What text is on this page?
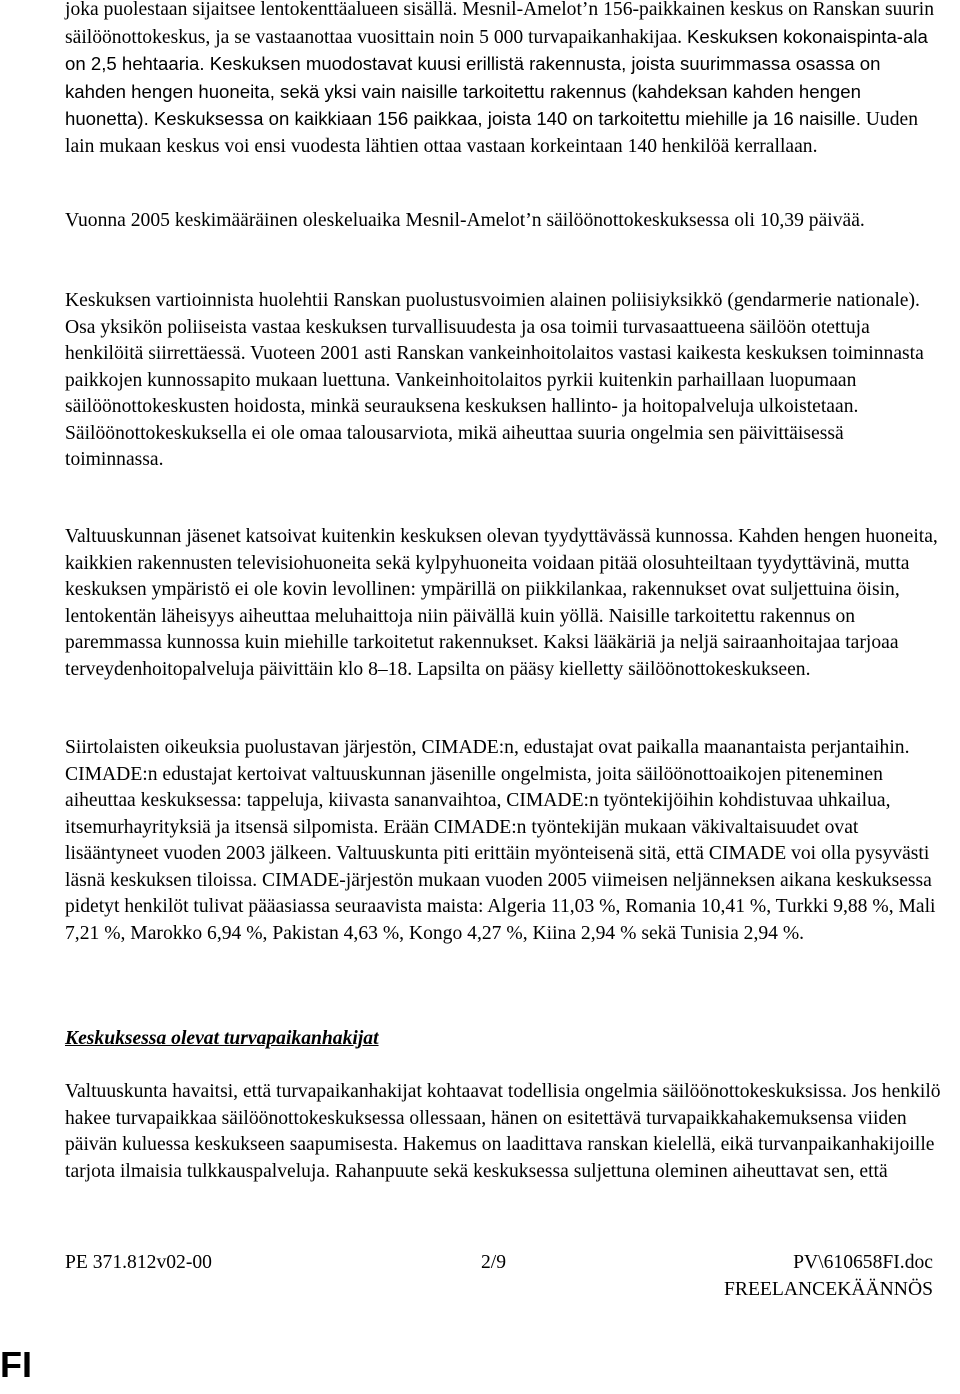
joka puolestaan sijaitsee lentokenttäalueen sisällä. Mesnil-Amelot’n 156-paikkainen keskus on Ranskan suurin säilöönottokeskus, ja se vastaanottaa vuosittain noin 5 000 turvapaikanhakijaa. Keskuksen kokonaispinta-ala on 2,5 hehtaaria. Keskuksen muodostavat kuusi erillistä rakennusta, joista suurimmassa osassa on kahden hengen huoneita, sekä yksi vain naisille tarkoitettu rakennus (kahdeksan kahden hengen huonetta). Keskuksessa on kaikkiaan 156 paikkaa, joista 140 on tarkoitettu miehille ja 16 naisille. Uuden lain mukaan keskus voi ensi vuodesta lähtien ottaa vastaan korkeintaan 140 henkilöä kerrallaan.

Vuonna 2005 keskimääräinen oleskeluaika Mesnil-Amelot’n säilöönottokeskuksessa oli 10,39 päivää.

Keskuksen vartioinnista huolehtii Ranskan puolustusvoimien alainen poliisiyksikkö (gendarmerie nationale). Osa yksikön poliiseista vastaa keskuksen turvallisuudesta ja osa toimii turvasaattueena säilöön otettuja henkilöitä siirrettäessä. Vuoteen 2001 asti Ranskan vankeinhoitolaitos vastasi kaikesta keskuksen toiminnasta paikkojen kunnossapito mukaan luettuna. Vankeinhoitolaitos pyrkii kuitenkin parhaillaan luopumaan säilöönottokeskusten hoidosta, minkä seurauksena keskuksen hallinto- ja hoitopalveluja ulkoistetaan. Säilöönottokeskuksella ei ole omaa talousarviota, mikä aiheuttaa suuria ongelmia sen päivittäisessä toiminnassa.

Valtuuskunnan jäsenet katsoivat kuitenkin keskuksen olevan tyydyttävässä kunnossa. Kahden hengen huoneita, kaikkien rakennusten televisiohuoneita sekä kylpyhuoneita voidaan pitää olosuhteiltaan tyydyttävinä, mutta keskuksen ympäristö ei ole kovin levollinen: ympärillä on piikkilankaa, rakennukset ovat suljettuina öisin, lentokentän läheisyys aiheuttaa meluhaittoja niin päivällä kuin yöllä. Naisille tarkoitettu rakennus on paremmassa kunnossa kuin miehille tarkoitetut rakennukset. Kaksi lääkäriä ja neljä sairaanhoitajaa tarjoaa terveydenhoitopalveluja päivittäin klo 8–18. Lapsilta on pääsy kielletty säilöönottokeskukseen.

Siirtolaisten oikeuksia puolustavan järjestön, CIMADE:n, edustajat ovat paikalla maanantaista perjantaihin. CIMADE:n edustajat kertoivat valtuuskunnan jäsenille ongelmista, joita säilöönottoaikojen piteneminen aiheuttaa keskuksessa: tappeluja, kiivasta sananvaihtoa, CIMADE:n työntekijöihin kohdistuvaa uhkailua, itsemurhayrityksiä ja itsensä silpomista. Erään CIMADE:n työntekijän mukaan väkivaltaisuudet ovat lisääntyneet vuoden 2003 jälkeen. Valtuuskunta piti erittäin myönteisenä sitä, että CIMADE voi olla pysyvästi läsnä keskuksen tiloissa. CIMADE-järjestön mukaan vuoden 2005 viimeisen neljänneksen aikana keskuksessa pidetyt henkilöt tulivat pääasiassa seuraavista maista: Algeria 11,03 %, Romania 10,41 %, Turkki 9,88 %, Mali 7,21 %, Marokko 6,94 %, Pakistan 4,63 %, Kongo 4,27 %, Kiina 2,94 % sekä Tunisia 2,94 %.

Keskuksessa olevat turvapaikanhakijat

Valtuuskunta havaitsi, että turvapaikanhakijat kohtaavat todellisia ongelmia säilöönottokeskuksissa. Jos henkilö hakee turvapaikkaa säilöönottokeskuksessa ollessaan, hänen on esitettävä turvapaikkahakemuksensa viiden päivän kuluessa keskukseen saapumisesta. Hakemus on laadittava ranskan kielellä, eikä turvanpaikanhakijoille tarjota ilmaisia tulkkauspalveluja. Rahanpuute sekä keskuksessa suljettuna oleminen aiheuttavat sen, että

PE 371.812v02-00	2/9	PV\610658FI.doc
FREELANCEKÄÄNNÖS
FI
